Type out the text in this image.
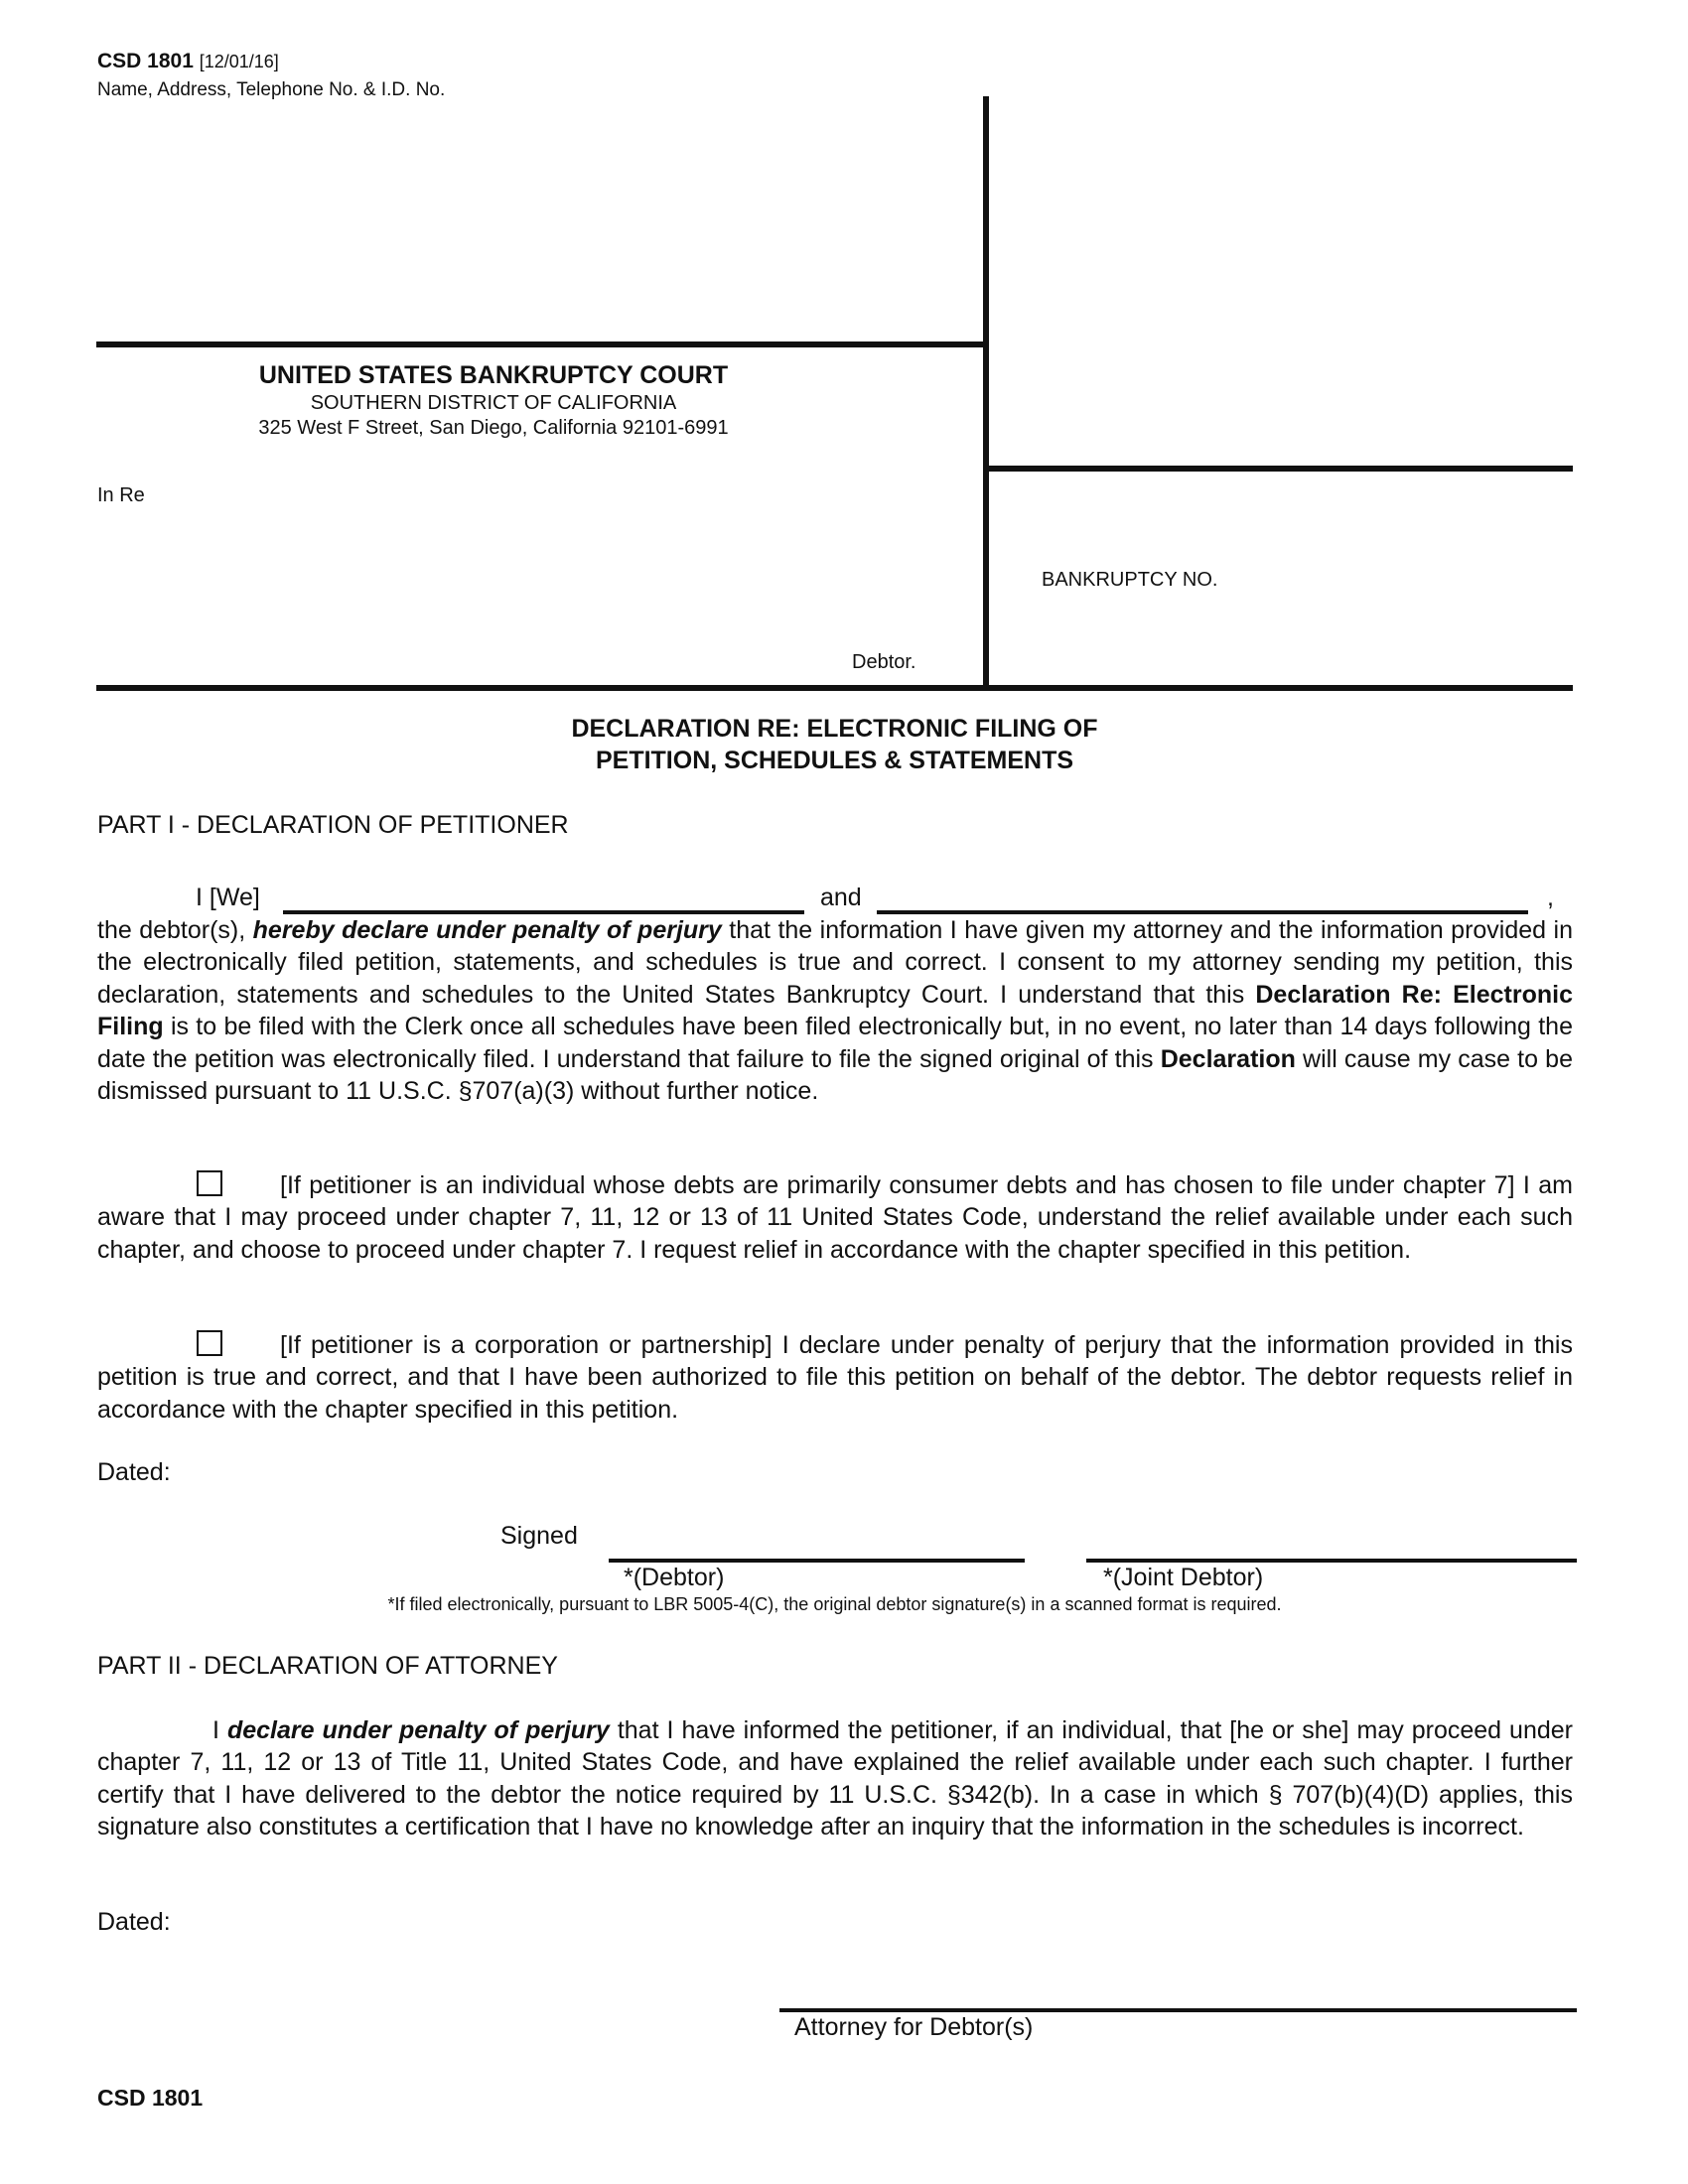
CSD 1801 [12/01/16]
Name, Address, Telephone No. & I.D. No.
UNITED STATES BANKRUPTCY COURT
SOUTHERN DISTRICT OF CALIFORNIA
325 West F Street, San Diego, California 92101-6991
In Re
Debtor.
BANKRUPTCY NO.
DECLARATION RE: ELECTRONIC FILING OF
PETITION, SCHEDULES & STATEMENTS
PART I - DECLARATION OF PETITIONER
I [We]	and	,
the debtor(s), hereby declare under penalty of perjury that the information I have given my attorney and the information provided in the electronically filed petition, statements, and schedules is true and correct. I consent to my attorney sending my petition, this declaration, statements and schedules to the United States Bankruptcy Court. I understand that this Declaration Re: Electronic Filing is to be filed with the Clerk once all schedules have been filed electronically but, in no event, no later than 14 days following the date the petition was electronically filed. I understand that failure to file the signed original of this Declaration will cause my case to be dismissed pursuant to 11 U.S.C. §707(a)(3) without further notice.
[If petitioner is an individual whose debts are primarily consumer debts and has chosen to file under chapter 7] I am aware that I may proceed under chapter 7, 11, 12 or 13 of 11 United States Code, understand the relief available under each such chapter, and choose to proceed under chapter 7. I request relief in accordance with the chapter specified in this petition.
[If petitioner is a corporation or partnership] I declare under penalty of perjury that the information provided in this petition is true and correct, and that I have been authorized to file this petition on behalf of the debtor. The debtor requests relief in accordance with the chapter specified in this petition.
Dated:
Signed
*(Debtor)	*(Joint Debtor)
*If filed electronically, pursuant to LBR 5005-4(C), the original debtor signature(s) in a scanned format is required.
PART II - DECLARATION OF ATTORNEY
I declare under penalty of perjury that I have informed the petitioner, if an individual, that [he or she] may proceed under chapter 7, 11, 12 or 13 of Title 11, United States Code, and have explained the relief available under each such chapter. I further certify that I have delivered to the debtor the notice required by 11 U.S.C. §342(b). In a case in which § 707(b)(4)(D) applies, this signature also constitutes a certification that I have no knowledge after an inquiry that the information in the schedules is incorrect.
Dated:
Attorney for Debtor(s)
CSD 1801
